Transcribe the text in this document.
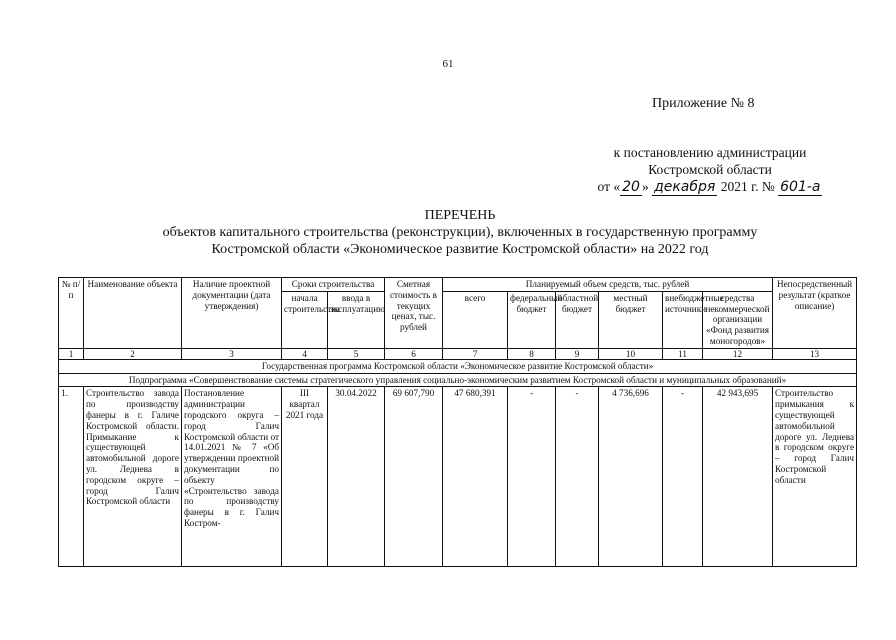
61
Приложение № 8
к постановлению администрации
Костромской области
от « 20 » декабря 2021 г. № 601-а
ПЕРЕЧЕНЬ
объектов капитального строительства (реконструкции), включенных в государственную программу
Костромской области «Экономическое развитие Костромской области» на 2022 год
№ п/п	Наименование объекта	Наличие проектной документации (дата утверждения)	Сроки строительства		Сметная стоимость в текущих ценах, тыс. рублей	Планируемый объем средств, тыс. рублей						Непосредственный результат (краткое описание)
			начала строительства	ввода в эксплуатацию		всего	федеральный бюджет	областной бюджет	местный бюджет	внебюджетные источники	средства некоммерческой организации «Фонд развития моногородов»	
1	2	3	4	5	6	7	8	9	10	11	12	13
Государственная программа Костромской области «Экономическое развитие Костромской области»												
Подпрограмма «Совершенствование системы стратегического управления социально-экономическим развитием Костромской области и муниципальных образований»												
1.	Строительство завода по производству фанеры в г. Галиче Костромской области. Примыкание к существующей автомобильной дороге ул. Леднева в городском округе – город Галич Костромской области	Постановление администрации городского округа – город Галич Костромской области от 14.01.2021 № 7 «Об утверждении проектной документации по объекту «Строительство завода по производству фанеры в г. Галич Костром-	III квартал 2021 года	30.04.2022	69 607,790	47 680,391	-	-	4 736,696	-	42 943,695	Строительство примыкания к существующей автомобильной дороге ул. Леднева в городском округе – город Галич Костромской области
